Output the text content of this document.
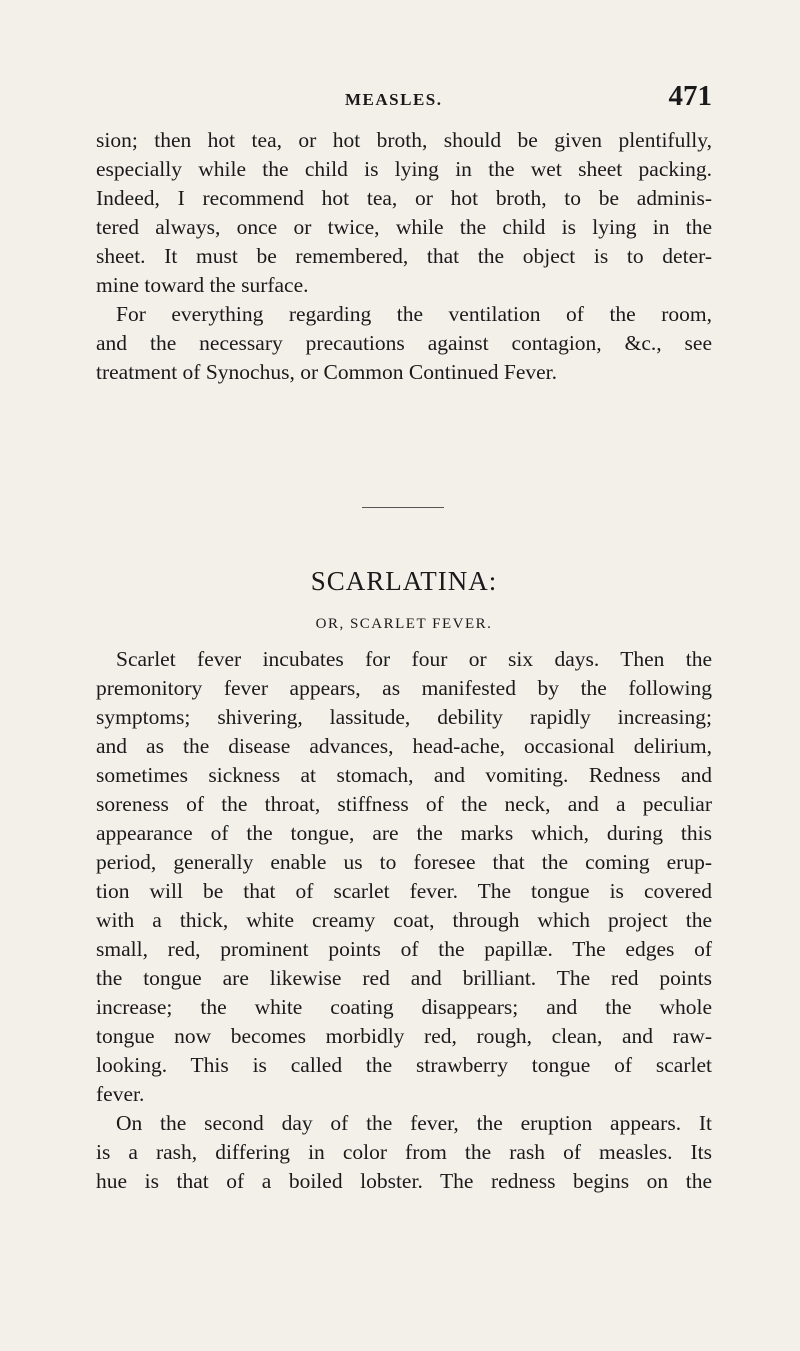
MEASLES.	471
sion; then hot tea, or hot broth, should be given plentifully,
especially while the child is lying in the wet sheet packing.
Indeed, I recommend hot tea, or hot broth, to be adminis-
tered always, once or twice, while the child is lying in the
sheet. It must be remembered, that the object is to deter-
mine toward the surface.
For everything regarding the ventilation of the room,
and the necessary precautions against contagion, &c., see
treatment of Synochus, or Common Continued Fever.
SCARLATINA:
OR, SCARLET FEVER.
Scarlet fever incubates for four or six days. Then the
premonitory fever appears, as manifested by the following
symptoms; shivering, lassitude, debility rapidly increasing;
and as the disease advances, head-ache, occasional delirium,
sometimes sickness at stomach, and vomiting. Redness and
soreness of the throat, stiffness of the neck, and a peculiar
appearance of the tongue, are the marks which, during this
period, generally enable us to foresee that the coming erup-
tion will be that of scarlet fever. The tongue is covered
with a thick, white creamy coat, through which project the
small, red, prominent points of the papillæ. The edges of
the tongue are likewise red and brilliant. The red points
increase; the white coating disappears; and the whole
tongue now becomes morbidly red, rough, clean, and raw-
looking. This is called the strawberry tongue of scarlet
fever.
On the second day of the fever, the eruption appears. It
is a rash, differing in color from the rash of measles. Its
hue is that of a boiled lobster. The redness begins on the
